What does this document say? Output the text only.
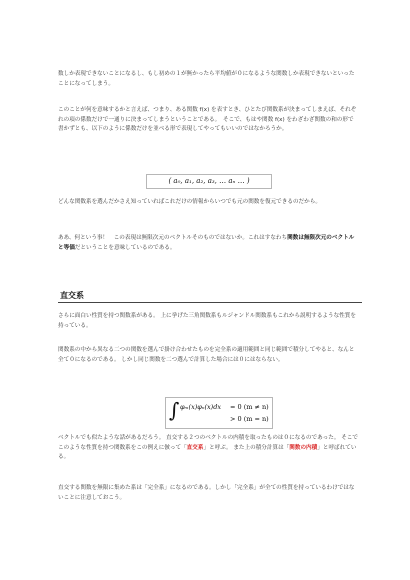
数しか表現できないことになるし、もし初めの１が無かったら平均値が０になるような関数しか表現できないといったことになってしまう。
このことが何を意味するかと言えば、つまり、ある関数 f(x) を表すとき、ひとたび関数系が決まってしまえば、それぞれの項の係数だけで一通りに決まってしまうということである。　そこで、もはや関数 f(x) をわざわざ関数の和の形で書かずとも、以下のように係数だけを並べる形で表現してやってもいいのではなかろうか。
( a₀, a₁, a₂, a₃, … aₙ … )
どんな関数系を選んだかさえ知っていればこれだけの情報からいつでも元の関数を復元できるのだから。
ああ、何という事！　この表現は無限次元のベクトルそのものではないか。これはすなわち関数は無限次元のベクトルと等価だということを意味しているのである。
直交系
さらに面白い性質を持つ関数系がある。 上に挙げた三角関数系もルジャンドル関数系もこれから説明するような性質を持っている。
関数系の中から異なる二つの関数を選んで掛け合わせたものを完全系の適用範囲と同じ範囲で積分してやると、なんと全て０になるのである。 しかし同じ関数を二つ選んで計算した場合には０にはならない。
∫ φₘ(x)φₙ(x)dx = 0 (m ≠ n)
> 0 (m = n)
ベクトルでも似たような話があるだろう。 直交する２つのベクトルの内積を取ったものは０になるのであった。 そこでこのような性質を持つ関数系をこの例えに倣って「直交系」と呼ぶ。 また上の積分計算は「関数の内積」と呼ばれている。
直交する関数を無限に集めた系は「完全系」になるのである。しかし「完全系」が全ての性質を持っているわけではないことに注意しておこう。
